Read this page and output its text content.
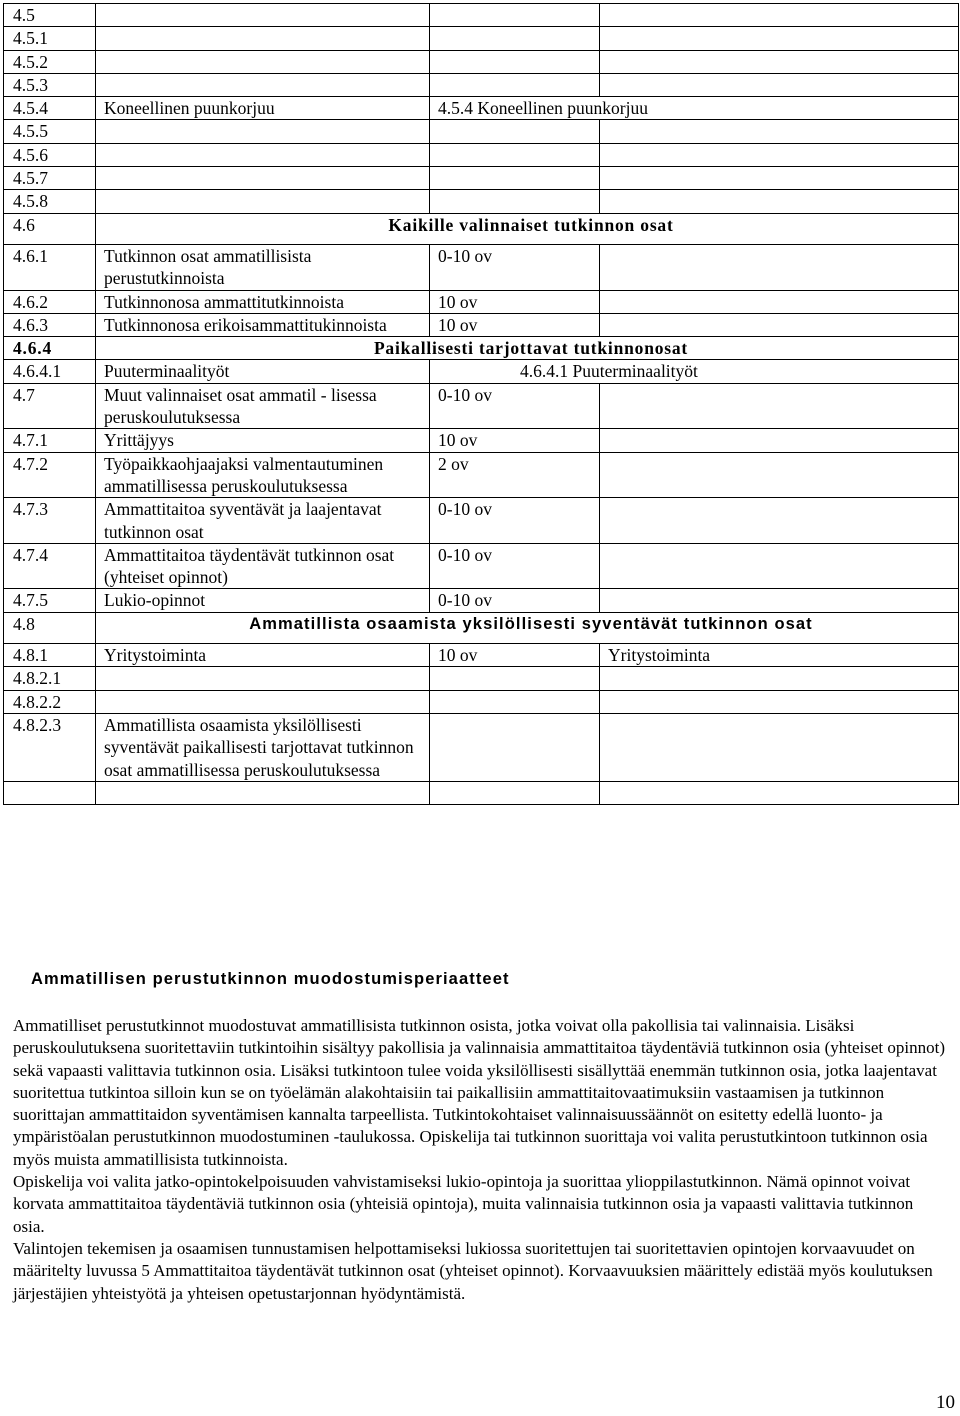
4.5			
4.5.1			
4.5.2			
4.5.3			
4.5.4	Koneellinen puunkorjuu	4.5.4 Koneellinen puunkorjuu	
4.5.5			
4.5.6			
4.5.7			
4.5.8			
4.6	Kaikille valinnaiset tutkinnon osat		
4.6.1	Tutkinnon osat ammatillisista perustutkinnoista	0-10 ov	
4.6.2	Tutkinnonosa ammattitutkinnoista	10 ov	
4.6.3	Tutkinnonosa erikoisammattitukinnoista	10 ov	
4.6.4	Paikallisesti tarjottavat tutkinnonosat		
4.6.4.1	Puuterminaalityöt	4.6.4.1 Puuterminaalityöt	
4.7	Muut valinnaiset osat ammatil - lisessa peruskoulutuksessa	0-10 ov	
4.7.1	Yrittäjyys	10 ov	
4.7.2	Työpaikkaohjaajaksi valmentautuminen ammatillisessa peruskoulutuksessa	2 ov	
4.7.3	Ammattitaitoa syventävät ja laajentavat tutkinnon osat	0-10 ov	
4.7.4	Ammattitaitoa täydentävät tutkinnon osat (yhteiset opinnot)	0-10 ov	
4.7.5	Lukio-opinnot	0-10 ov	
4.8	Ammatillista osaamista yksilöllisesti syventävät tutkinnon osat		
4.8.1	Yritystoiminta	10 ov	Yritystoiminta
4.8.2.1			
4.8.2.2			
4.8.2.3	Ammatillista osaamista yksilöllisesti syventävät paikallisesti tarjottavat tutkinnon osat ammatillisessa peruskoulutuksessa		

Ammatillisen perustutkinnon muodostumisperiaatteet

Ammatilliset perustutkinnot muodostuvat ammatillisista tutkinnon osista, jotka voivat olla pakollisia tai valinnaisia. Lisäksi peruskoulutuksena suoritettaviin tutkintoihin sisältyy pakollisia ja valinnaisia ammattitaitoa täydentäviä tutkinnon osia (yhteiset opinnot) sekä vapaasti valittavia tutkinnon osia. Lisäksi tutkintoon tulee voida yksilöllisesti sisällyttää enemmän tutkinnon osia, jotka laajentavat suoritettua tutkintoa silloin kun se on työelämän alakohtaisiin tai paikallisiin ammattitaitovaatimuksiin vastaamisen ja tutkinnon suorittajan ammattitaidon syventämisen kannalta tarpeellista. Tutkintokohtaiset valinnaisuussäännöt on esitetty edellä luonto- ja ympäristöalan perustutkinnon muodostuminen -taulukossa. Opiskelija tai tutkinnon suorittaja voi valita perustutkintoon tutkinnon osia myös muista ammatillisista tutkinnoista.

Opiskelija voi valita jatko-opintokelpoisuuden vahvistamiseksi lukio-opintoja ja suorittaa ylioppilastutkinnon. Nämä opinnot voivat korvata ammattitaitoa täydentäviä tutkinnon osia (yhteisiä opintoja), muita valinnaisia tutkinnon osia ja vapaasti valittavia tutkinnon osia.

Valintojen tekemisen ja osaamisen tunnustamisen helpottamiseksi lukiossa suoritettujen tai suoritettavien opintojen korvaavuudet on määritelty luvussa 5 Ammattitaitoa täydentävät tutkinnon osat (yhteiset opinnot). Korvaavuuksien määrittely edistää myös koulutuksen järjestäjien yhteistyötä ja yhteisen opetustarjonnan hyödyntämistä.

10
